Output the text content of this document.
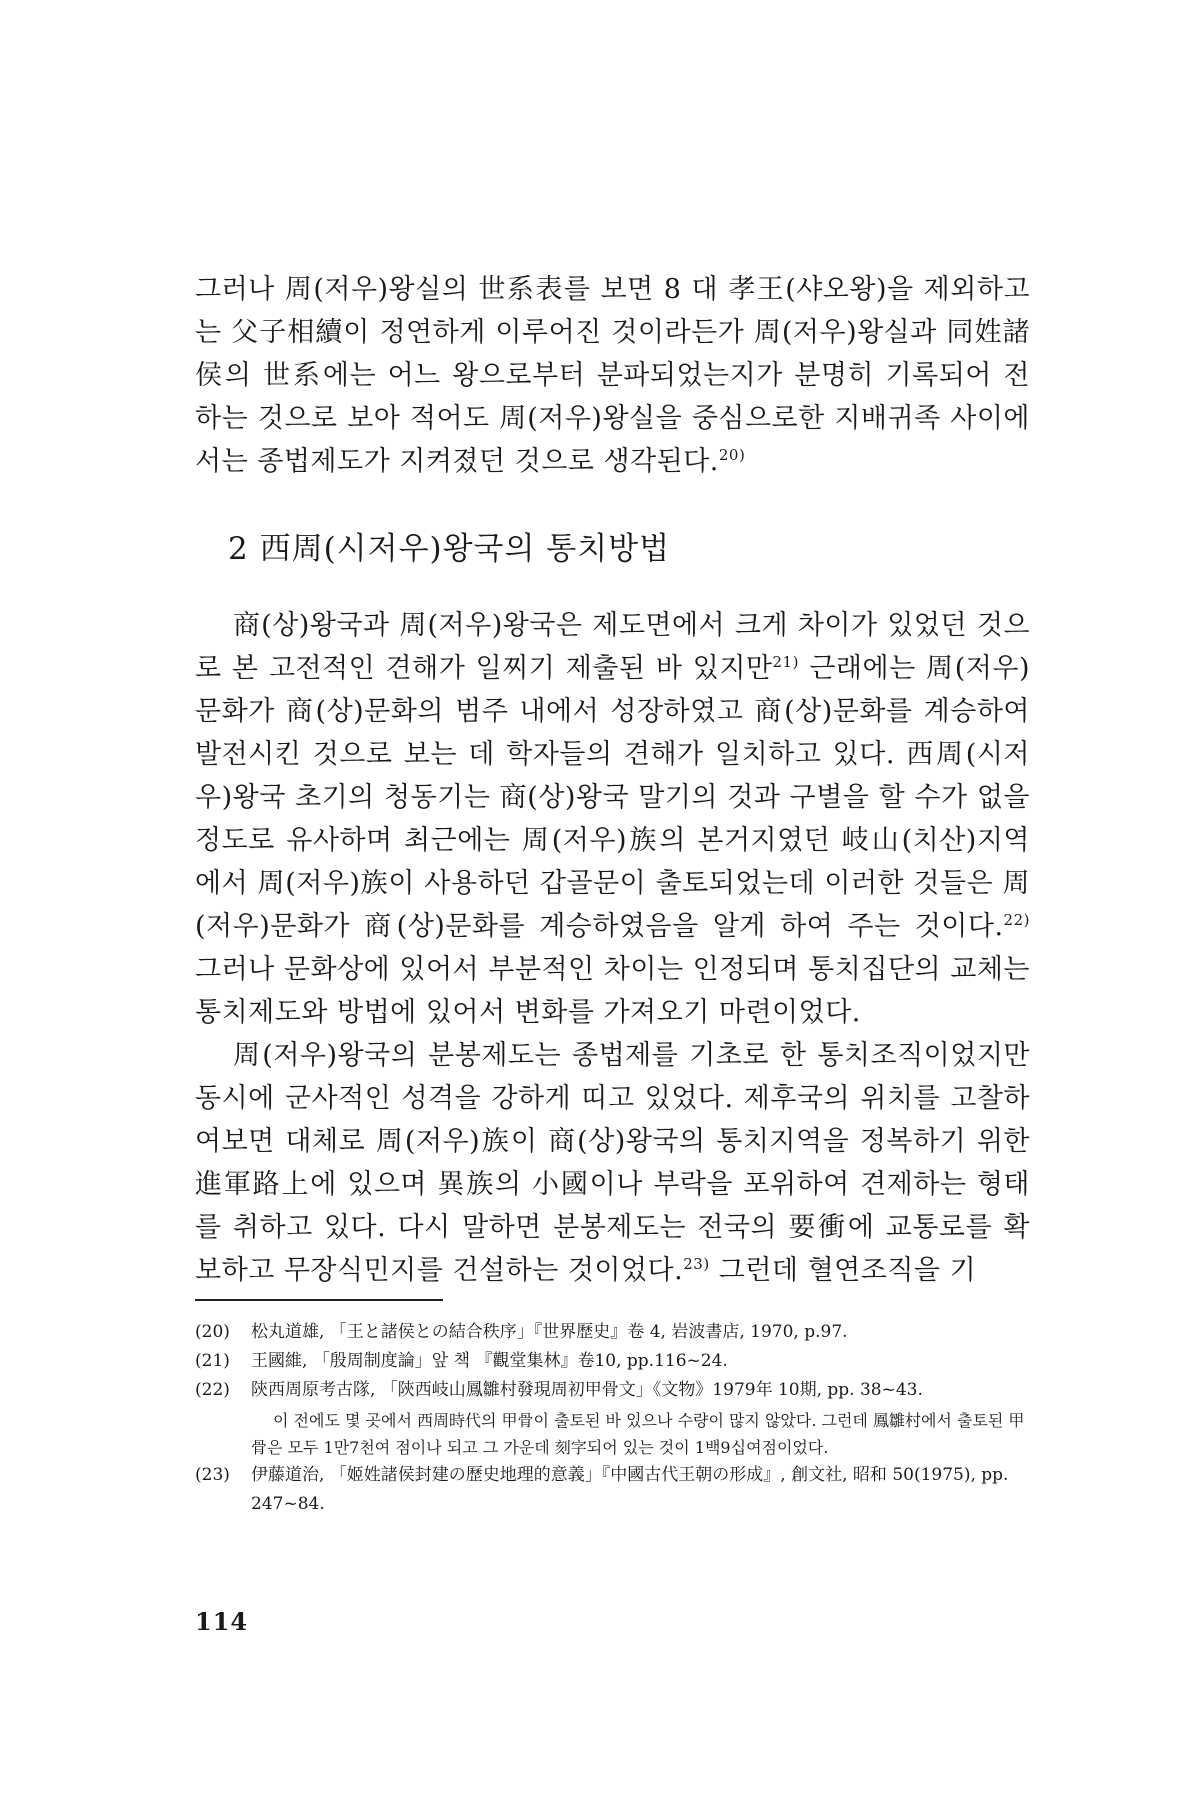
그러나 周(저우)왕실의 世系表를 보면 8 대 孝王(샤오왕)을 제외하고는 父子相續이 정연하게 이루어진 것이라든가 周(저우)왕실과 同姓諸侯의 世系에는 어느 왕으로부터 분파되었는지가 분명히 기록되어 전하는 것으로 보아 적어도 周(저우)왕실을 중심으로한 지배귀족 사이에서는 종법제도가 지켜졌던 것으로 생각된다.$^{20)}$

2 西周(시저우)왕국의 통치방법

商(상)왕국과 周(저우)왕국은 제도면에서 크게 차이가 있었던 것으로 본 고전적인 견해가 일찌기 제출된 바 있지만$^{21)}$ 근래에는 周(저우)문화가 商(상)문화의 범주 내에서 성장하였고 商(상)문화를 계승하여 발전시킨 것으로 보는 데 학자들의 견해가 일치하고 있다. 西周(시저우)왕국 초기의 청동기는 商(상)왕국 말기의 것과 구별을 할 수가 없을 정도로 유사하며 최근에는 周(저우)族의 본거지였던 岐山(치산)지역에서 周(저우)族이 사용하던 갑골문이 출토되었는데 이러한 것들은 周(저우)문화가 商(상)문화를 계승하였음을 알게 하여 주는 것이다.$^{22)}$ 그러나 문화상에 있어서 부분적인 차이는 인정되며 통치집단의 교체는 통치제도와 방법에 있어서 변화를 가져오기 마련이었다.

周(저우)왕국의 분봉제도는 종법제를 기초로 한 통치조직이었지만 동시에 군사적인 성격을 강하게 띠고 있었다. 제후국의 위치를 고찰하여보면 대체로 周(저우)族이 商(상)왕국의 통치지역을 정복하기 위한 進軍路上에 있으며 異族의 小國이나 부락을 포위하여 견제하는 형태를 취하고 있다. 다시 말하면 분봉제도는 전국의 要衝에 교통로를 확보하고 무장식민지를 건설하는 것이었다.$^{23)}$ 그런데 혈연조직을 기

(20)	松丸道雄, 「王と諸侯との結合秩序」『世界歷史』卷 4, 岩波書店, 1970, p.97.
(21)	王國維, 「殷周制度論」앞 책 『觀堂集林』卷10, pp.116~24.
(22)	陝西周原考古隊, 「陝西岐山鳳雛村發現周初甲骨文」《文物》1979年 10期, pp. 38~43.

이 전에도 몇 곳에서 西周時代의 甲骨이 출토된 바 있으나 수량이 많지 않았다. 그런데 鳳雛村에서 출토된 甲骨은 모두 1만7천여 점이나 되고 그 가운데 刻字되어 있는 것이 1백9십여점이었다.

(23)	伊藤道治, 「姬姓諸侯封建の歷史地理的意義」『中國古代王朝の形成』, 創文社, 昭和 50(1975), pp. 247~84.
114
